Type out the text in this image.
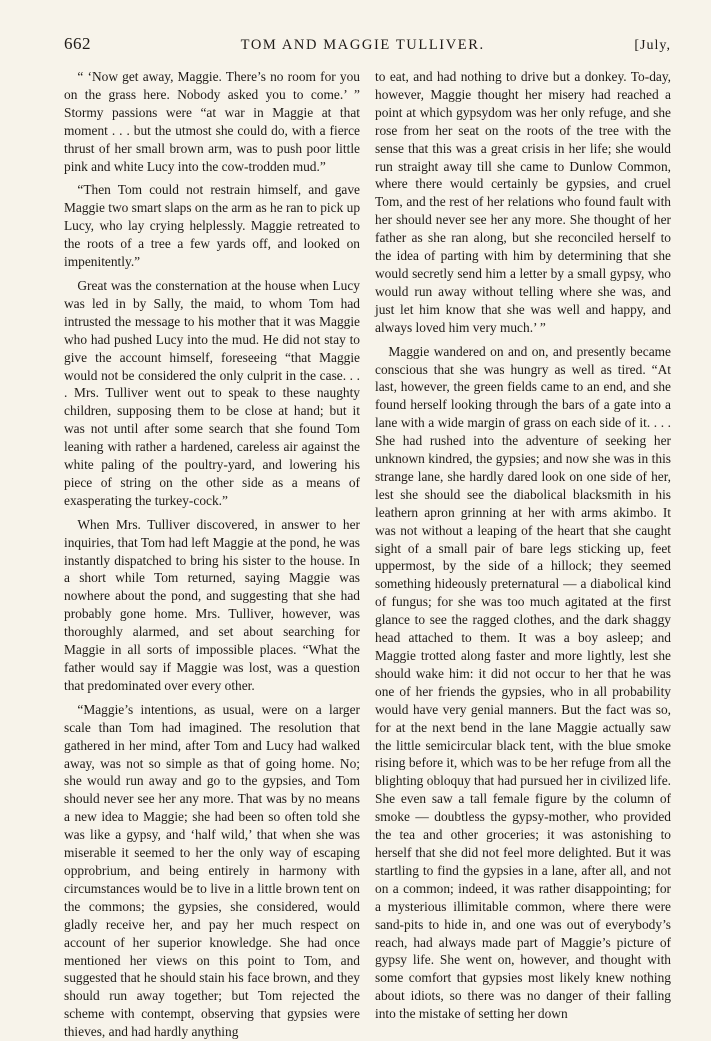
662	TOM AND MAGGIE TULLIVER.	[July,

“ ‘Now get away, Maggie. There’s no room for you on the grass here. Nobody asked you to come.’ ” Stormy passions were “at war in Maggie at that moment . . . but the utmost she could do, with a fierce thrust of her small brown arm, was to push poor little pink and white Lucy into the cow-trodden mud.”

“Then Tom could not restrain himself, and gave Maggie two smart slaps on the arm as he ran to pick up Lucy, who lay crying helplessly. Maggie retreated to the roots of a tree a few yards off, and looked on impenitently.”

Great was the consternation at the house when Lucy was led in by Sally, the maid, to whom Tom had intrusted the message to his mother that it was Maggie who had pushed Lucy into the mud. He did not stay to give the account himself, foreseeing “that Maggie would not be considered the only culprit in the case. . . . Mrs. Tulliver went out to speak to these naughty children, supposing them to be close at hand; but it was not until after some search that she found Tom leaning with rather a hardened, careless air against the white paling of the poultry-yard, and lowering his piece of string on the other side as a means of exasperating the turkey-cock.”

When Mrs. Tulliver discovered, in answer to her inquiries, that Tom had left Maggie at the pond, he was instantly dispatched to bring his sister to the house. In a short while Tom returned, saying Maggie was nowhere about the pond, and suggesting that she had probably gone home. Mrs. Tulliver, however, was thoroughly alarmed, and set about searching for Maggie in all sorts of impossible places. “What the father would say if Maggie was lost, was a question that predominated over every other.

“Maggie’s intentions, as usual, were on a larger scale than Tom had imagined. The resolution that gathered in her mind, after Tom and Lucy had walked away, was not so simple as that of going home. No; she would run away and go to the gypsies, and Tom should never see her any more. That was by no means a new idea to Maggie; she had been so often told she was like a gypsy, and ‘half wild,’ that when she was miserable it seemed to her the only way of escaping opprobrium, and being entirely in harmony with circumstances would be to live in a little brown tent on the commons; the gypsies, she considered, would gladly receive her, and pay her much respect on account of her superior knowledge. She had once mentioned her views on this point to Tom, and suggested that he should stain his face brown, and they should run away together; but Tom rejected the scheme with contempt, observing that gypsies were thieves, and had hardly anything

to eat, and had nothing to drive but a donkey. To-day, however, Maggie thought her misery had reached a point at which gypsydom was her only refuge, and she rose from her seat on the roots of the tree with the sense that this was a great crisis in her life; she would run straight away till she came to Dunlow Common, where there would certainly be gypsies, and cruel Tom, and the rest of her relations who found fault with her should never see her any more. She thought of her father as she ran along, but she reconciled herself to the idea of parting with him by determining that she would secretly send him a letter by a small gypsy, who would run away without telling where she was, and just let him know that she was well and happy, and always loved him very much.’ ”

Maggie wandered on and on, and presently became conscious that she was hungry as well as tired. “At last, however, the green fields came to an end, and she found herself looking through the bars of a gate into a lane with a wide margin of grass on each side of it. . . . She had rushed into the adventure of seeking her unknown kindred, the gypsies; and now she was in this strange lane, she hardly dared look on one side of her, lest she should see the diabolical blacksmith in his leathern apron grinning at her with arms akimbo. It was not without a leaping of the heart that she caught sight of a small pair of bare legs sticking up, feet uppermost, by the side of a hillock; they seemed something hideously preternatural — a diabolical kind of fungus; for she was too much agitated at the first glance to see the ragged clothes, and the dark shaggy head attached to them. It was a boy asleep; and Maggie trotted along faster and more lightly, lest she should wake him: it did not occur to her that he was one of her friends the gypsies, who in all probability would have very genial manners. But the fact was so, for at the next bend in the lane Maggie actually saw the little semicircular black tent, with the blue smoke rising before it, which was to be her refuge from all the blighting obloquy that had pursued her in civilized life. She even saw a tall female figure by the column of smoke — doubtless the gypsy-mother, who provided the tea and other groceries; it was astonishing to herself that she did not feel more delighted. But it was startling to find the gypsies in a lane, after all, and not on a common; indeed, it was rather disappointing; for a mysterious illimitable common, where there were sand-pits to hide in, and one was out of everybody’s reach, had always made part of Maggie’s picture of gypsy life. She went on, however, and thought with some comfort that gypsies most likely knew nothing about idiots, so there was no danger of their falling into the mistake of setting her down
